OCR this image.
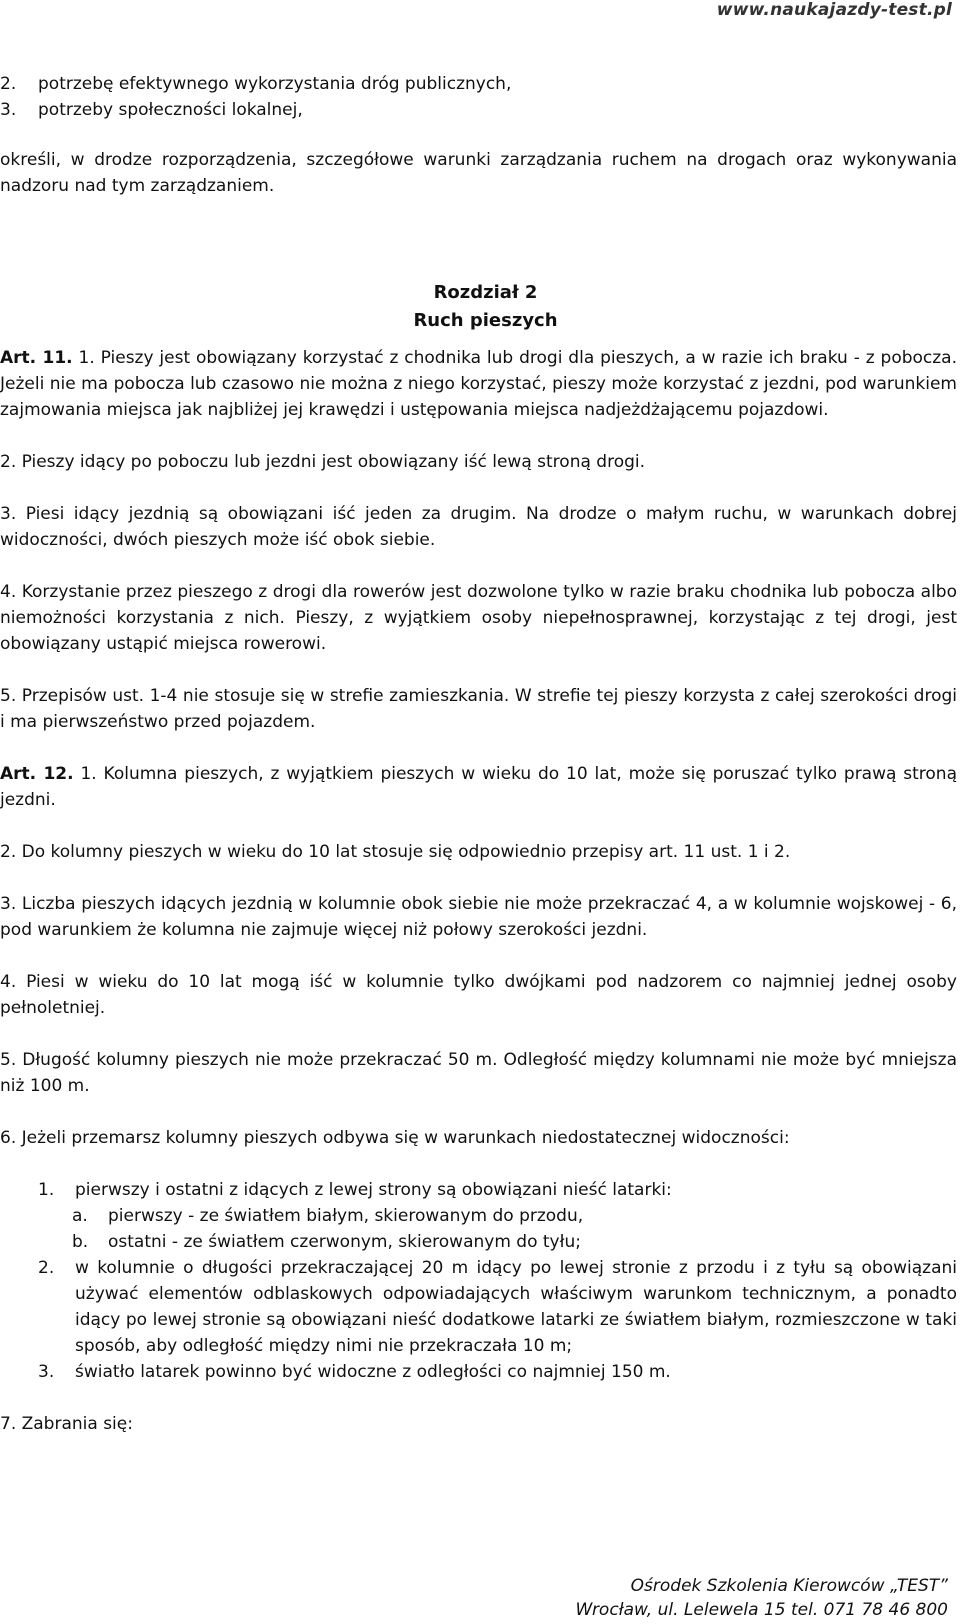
www.naukajazdy-test.pl
2. potrzebę efektywnego wykorzystania dróg publicznych,
3. potrzeby społeczności lokalnej,

określi, w drodze rozporządzenia, szczegółowe warunki zarządzania ruchem na drogach oraz wykonywania nadzoru nad tym zarządzaniem.

Rozdział 2
Ruch pieszych

Art. 11. 1. Pieszy jest obowiązany korzystać z chodnika lub drogi dla pieszych, a w razie ich braku - z pobocza. Jeżeli nie ma pobocza lub czasowo nie można z niego korzystać, pieszy może korzystać z jezdni, pod warunkiem zajmowania miejsca jak najbliżej jej krawędzi i ustępowania miejsca nadjeżdżającemu pojazdowi.

2. Pieszy idący po poboczu lub jezdni jest obowiązany iść lewą stroną drogi.

3. Piesi idący jezdnią są obowiązani iść jeden za drugim. Na drodze o małym ruchu, w warunkach dobrej widoczności, dwóch pieszych może iść obok siebie.

4. Korzystanie przez pieszego z drogi dla rowerów jest dozwolone tylko w razie braku chodnika lub pobocza albo niemożności korzystania z nich. Pieszy, z wyjątkiem osoby niepełnosprawnej, korzystając z tej drogi, jest obowiązany ustąpić miejsca rowerowi.

5. Przepisów ust. 1-4 nie stosuje się w strefie zamieszkania. W strefie tej pieszy korzysta z całej szerokości drogi i ma pierwszeństwo przed pojazdem.

Art. 12. 1. Kolumna pieszych, z wyjątkiem pieszych w wieku do 10 lat, może się poruszać tylko prawą stroną jezdni.

2. Do kolumny pieszych w wieku do 10 lat stosuje się odpowiednio przepisy art. 11 ust. 1 i 2.

3. Liczba pieszych idących jezdnią w kolumnie obok siebie nie może przekraczać 4, a w kolumnie wojskowej - 6, pod warunkiem że kolumna nie zajmuje więcej niż połowy szerokości jezdni.

4. Piesi w wieku do 10 lat mogą iść w kolumnie tylko dwójkami pod nadzorem co najmniej jednej osoby pełnoletniej.

5. Długość kolumny pieszych nie może przekraczać 50 m. Odległość między kolumnami nie może być mniejsza niż 100 m.

6. Jeżeli przemarsz kolumny pieszych odbywa się w warunkach niedostatecznej widoczności:

1. pierwszy i ostatni z idących z lewej strony są obowiązani nieść latarki:
a. pierwszy - ze światłem białym, skierowanym do przodu,
b. ostatni - ze światłem czerwonym, skierowanym do tyłu;
2. w kolumnie o długości przekraczającej 20 m idący po lewej stronie z przodu i z tyłu są obowiązani używać elementów odblaskowych odpowiadających właściwym warunkom technicznym, a ponadto idący po lewej stronie są obowiązani nieść dodatkowe latarki ze światłem białym, rozmieszczone w taki sposób, aby odległość między nimi nie przekraczała 10 m;
3. światło latarek powinno być widoczne z odległości co najmniej 150 m.

7. Zabrania się:

Ośrodek Szkolenia Kierowców „TEST”
Wrocław, ul. Lelewela 15 tel. 071 78 46 800
